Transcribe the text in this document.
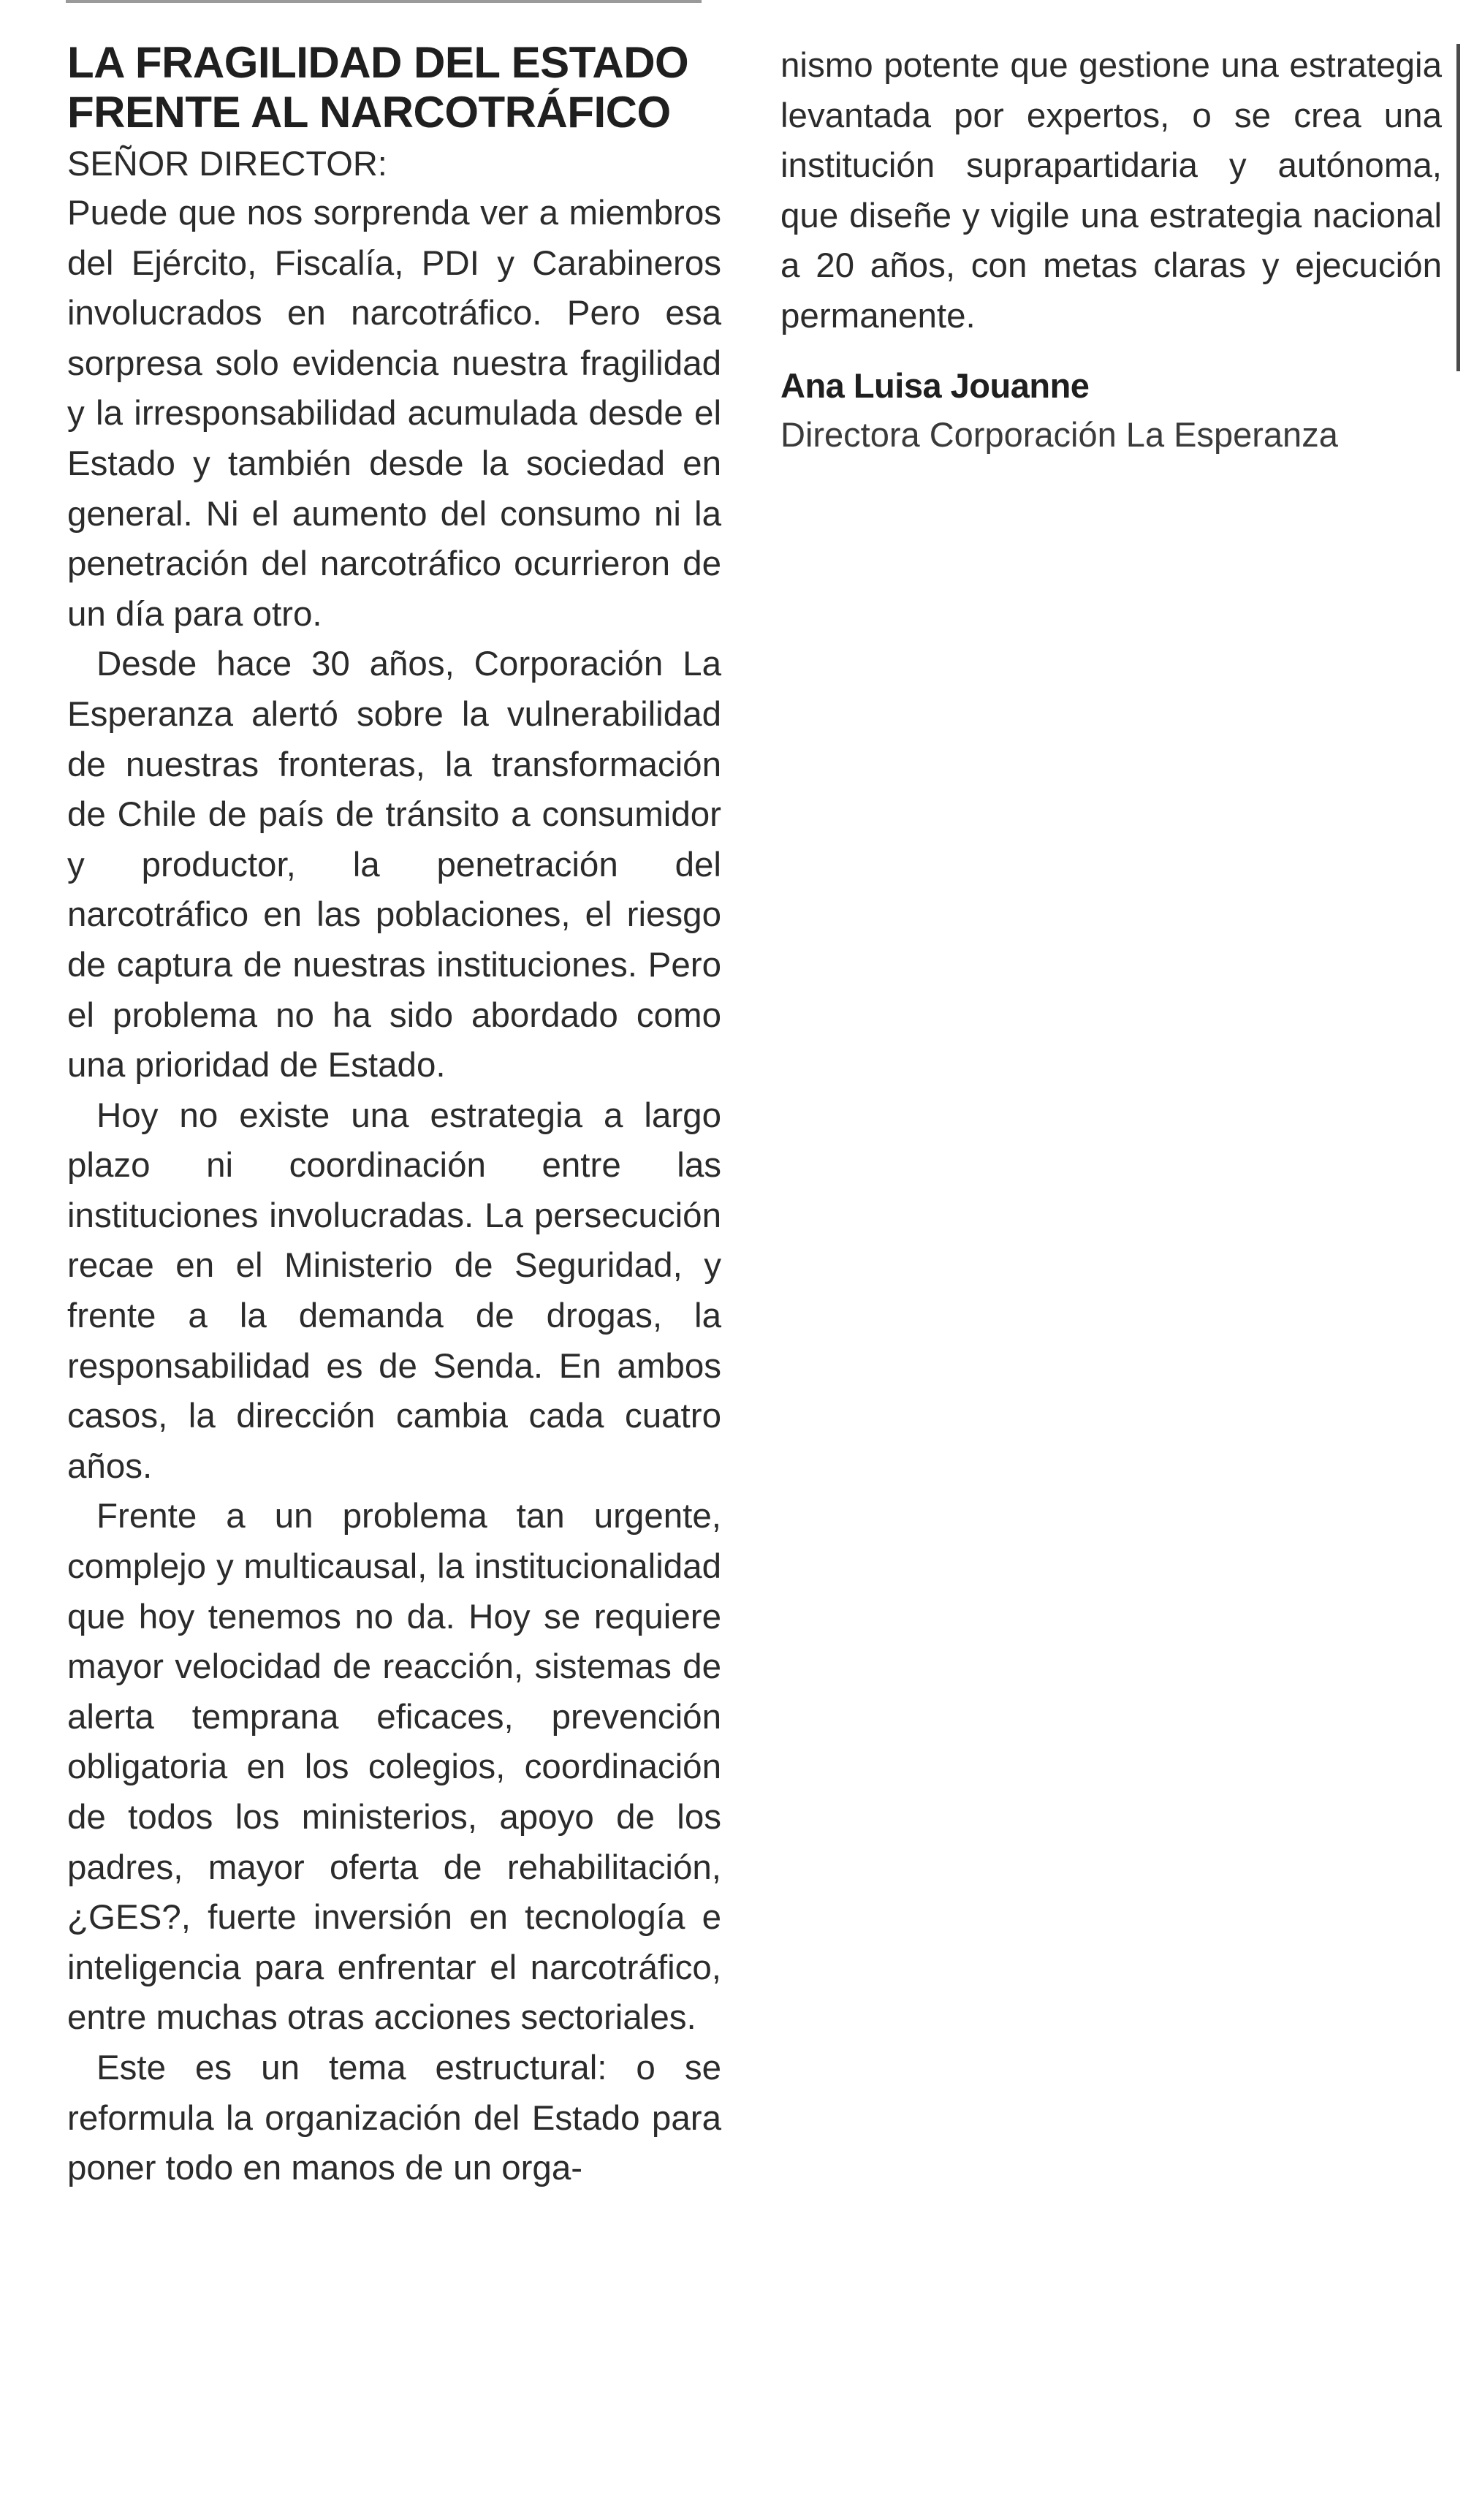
LA FRAGILIDAD DEL ESTADO FRENTE AL NARCOTRÁFICO
SEÑOR DIRECTOR:

Puede que nos sorprenda ver a miembros del Ejército, Fiscalía, PDI y Carabineros involucrados en narcotráfico. Pero esa sorpresa solo evidencia nuestra fragilidad y la irresponsabilidad acumulada desde el Estado y también desde la sociedad en general. Ni el aumento del consumo ni la penetración del narcotráfico ocurrieron de un día para otro.

Desde hace 30 años, Corporación La Esperanza alertó sobre la vulnerabilidad de nuestras fronteras, la transformación de Chile de país de tránsito a consumidor y productor, la penetración del narcotráfico en las poblaciones, el riesgo de captura de nuestras instituciones. Pero el problema no ha sido abordado como una prioridad de Estado.

Hoy no existe una estrategia a largo plazo ni coordinación entre las instituciones involucradas. La persecución recae en el Ministerio de Seguridad, y frente a la demanda de drogas, la responsabilidad es de Senda. En ambos casos, la dirección cambia cada cuatro años.

Frente a un problema tan urgente, complejo y multicausal, la institucionalidad que hoy tenemos no da. Hoy se requiere mayor velocidad de reacción, sistemas de alerta temprana eficaces, prevención obligatoria en los colegios, coordinación de todos los ministerios, apoyo de los padres, mayor oferta de rehabilitación, ¿GES?, fuerte inversión en tecnología e inteligencia para enfrentar el narcotráfico, entre muchas otras acciones sectoriales.

Este es un tema estructural: o se reformula la organización del Estado para poner todo en manos de un orga-

nismo potente que gestione una estrategia levantada por expertos, o se crea una institución suprapartidaria y autónoma, que diseñe y vigile una estrategia nacional a 20 años, con metas claras y ejecución permanente.

Ana Luisa Jouanne
Directora Corporación La Esperanza
